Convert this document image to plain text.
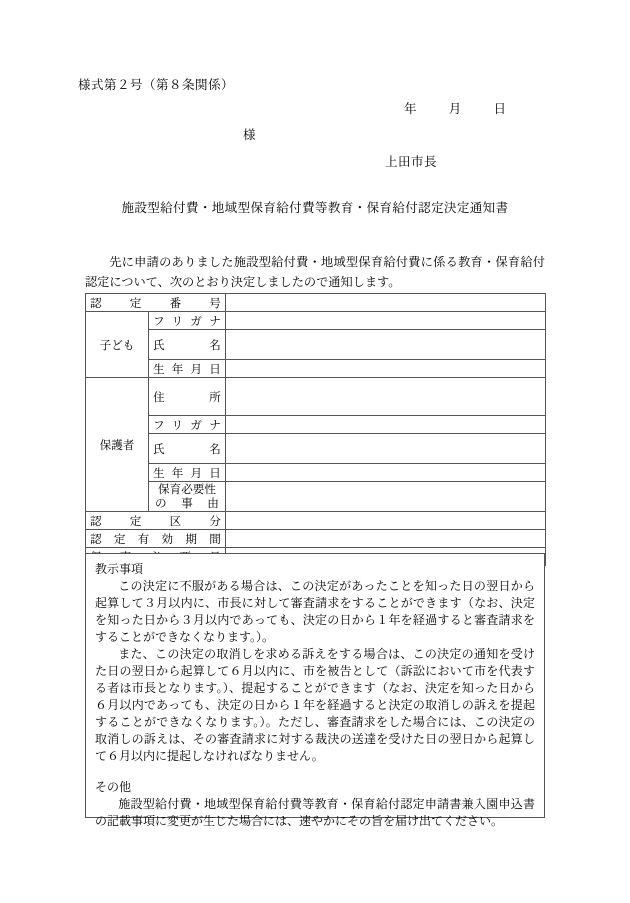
様式第２号（第８条関係）
年	月	日
様
上田市長
施設型給付費・地域型保育給付費等教育・保育給付認定決定通知書
先に申請のありました施設型給付費・地域型保育給付費に係る教育・保育給付認定について、次のとおり決定しましたので通知します。
認定番号		
子ども	フリガナ	
	氏名	
	生年月日	
保護者	住所	
	フリガナ	
	氏名	
	生年月日	

	保育必要性
の事由	

認定区分		
認定有効期間		

教示事項

この決定に不服がある場合は、この決定があったことを知った日の翌日から起算して３月以内に、市長に対して審査請求をすることができます（なお、決定を知った日から３月以内であっても、決定の日から１年を経過すると審査請求をすることができなくなります。）。

また、この決定の取消しを求める訴えをする場合は、この決定の通知を受けた日の翌日から起算して６月以内に、市を被告として（訴訟において市を代表する者は市長となります。）、提起することができます（なお、決定を知った日から６月以内であっても、決定の日から１年を経過すると決定の取消しの訴えを提起することができなくなります。）。ただし、審査請求をした場合には、この決定の取消しの訴えは、その審査請求に対する裁決の送達を受けた日の翌日から起算して６月以内に提起しなければなりません。

その他

施設型給付費・地域型保育給付費等教育・保育給付認定申請書兼入園申込書の記載事項に変更が生じた場合には、速やかにその旨を届け出てください。
